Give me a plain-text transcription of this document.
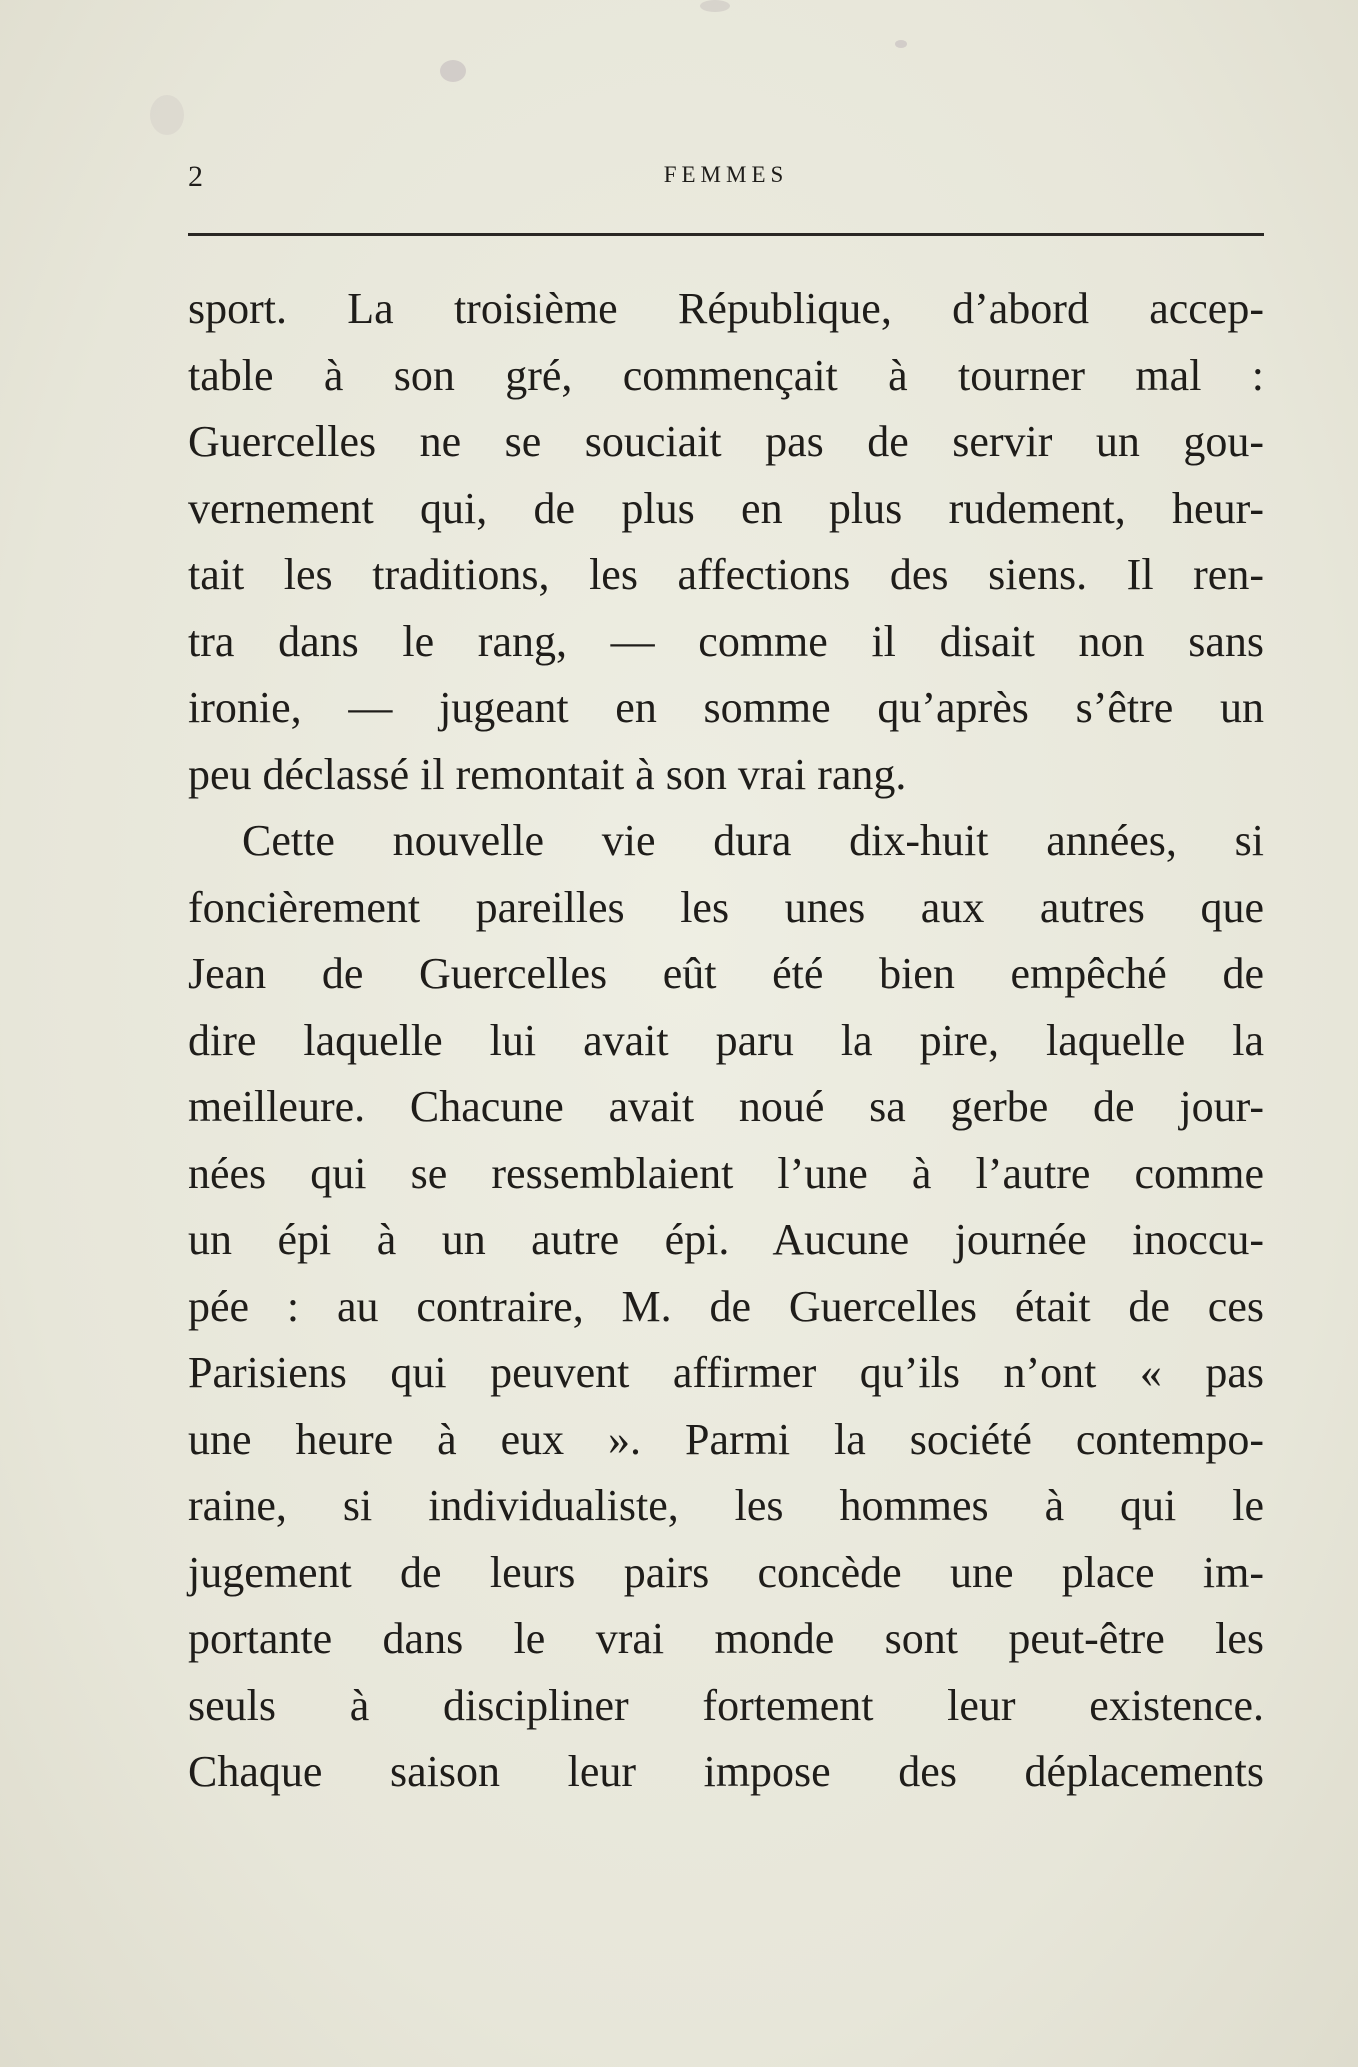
2	FEMMES
sport. La troisième République, d’abord accep-
table à son gré, commençait à tourner mal :
Guercelles ne se souciait pas de servir un gou-
vernement qui, de plus en plus rudement, heur-
tait les traditions, les affections des siens. Il ren-
tra dans le rang, — comme il disait non sans
ironie, — jugeant en somme qu’après s’être un
peu déclassé il remontait à son vrai rang.
Cette nouvelle vie dura dix-huit années, si
foncièrement pareilles les unes aux autres que
Jean de Guercelles eût été bien empêché de
dire laquelle lui avait paru la pire, laquelle la
meilleure. Chacune avait noué sa gerbe de jour-
nées qui se ressemblaient l’une à l’autre comme
un épi à un autre épi. Aucune journée inoccu-
pée : au contraire, M. de Guercelles était de ces
Parisiens qui peuvent affirmer qu’ils n’ont « pas
une heure à eux ». Parmi la société contempo-
raine, si individualiste, les hommes à qui le
jugement de leurs pairs concède une place im-
portante dans le vrai monde sont peut-être les
seuls à discipliner fortement leur existence.
Chaque saison leur impose des déplacements
